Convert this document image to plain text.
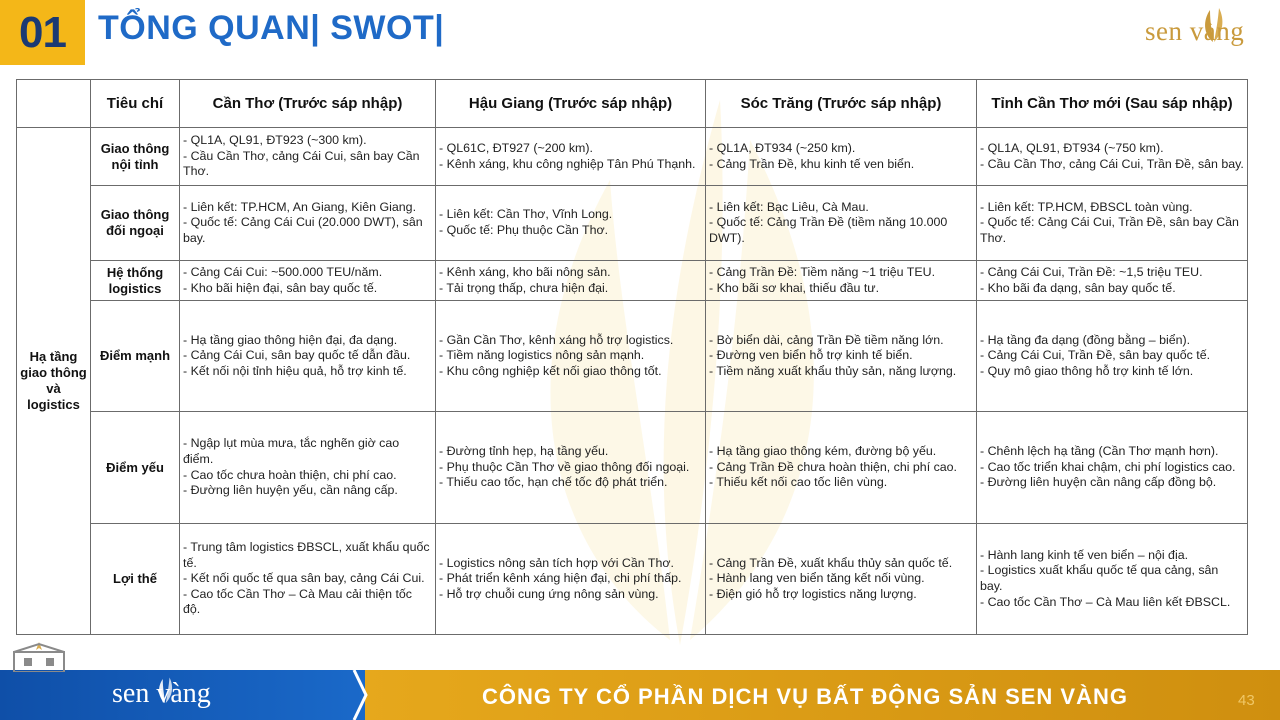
01 TỔNG QUAN| SWOT|	sen vàng
	Tiêu chí	Cần Thơ (Trước sáp nhập)	Hậu Giang (Trước sáp nhập)	Sóc Trăng (Trước sáp nhập)	Tỉnh Cần Thơ mới (Sau sáp nhập)
Hạ tầng giao thông và logistics	Giao thông nội tỉnh	- QL1A, QL91, ĐT923 (~300 km).
- Cầu Cần Thơ, cảng Cái Cui, sân bay Cần Thơ.	- QL61C, ĐT927 (~200 km).
- Kênh xáng, khu công nghiệp Tân Phú Thạnh.	- QL1A, ĐT934 (~250 km).
- Cảng Trần Đề, khu kinh tế ven biển.	- QL1A, QL91, ĐT934 (~750 km).
- Cầu Cần Thơ, cảng Cái Cui, Trần Đề, sân bay.

	Giao thông đối ngoại	- Liên kết: TP.HCM, An Giang, Kiên Giang.
- Quốc tế: Cảng Cái Cui (20.000 DWT), sân bay.	- Liên kết: Cần Thơ, Vĩnh Long.
- Quốc tế: Phụ thuộc Cần Thơ.	- Liên kết: Bạc Liêu, Cà Mau.
- Quốc tế: Cảng Trần Đề (tiềm năng 10.000 DWT).	- Liên kết: TP.HCM, ĐBSCL toàn vùng.
- Quốc tế: Cảng Cái Cui, Trần Đề, sân bay Cần Thơ.

	Hệ thống logistics	- Cảng Cái Cui: ~500.000 TEU/năm.
- Kho bãi hiện đại, sân bay quốc tế.	- Kênh xáng, kho bãi nông sản.
- Tải trọng thấp, chưa hiện đại.	- Cảng Trần Đề: Tiềm năng ~1 triệu TEU.
- Kho bãi sơ khai, thiếu đầu tư.	- Cảng Cái Cui, Trần Đề: ~1,5 triệu TEU.
- Kho bãi đa dạng, sân bay quốc tế.

	Điểm mạnh	- Hạ tầng giao thông hiện đại, đa dạng.
- Cảng Cái Cui, sân bay quốc tế dẫn đầu.
- Kết nối nội tỉnh hiệu quả, hỗ trợ kinh tế.	- Gần Cần Thơ, kênh xáng hỗ trợ logistics.
- Tiềm năng logistics nông sản mạnh.
- Khu công nghiệp kết nối giao thông tốt.	- Bờ biển dài, cảng Trần Đề tiềm năng lớn.
- Đường ven biển hỗ trợ kinh tế biển.
- Tiềm năng xuất khẩu thủy sản, năng lượng.	- Hạ tầng đa dạng (đồng bằng – biển).
- Cảng Cái Cui, Trần Đề, sân bay quốc tế.
- Quy mô giao thông hỗ trợ kinh tế lớn.

	Điểm yếu	- Ngập lụt mùa mưa, tắc nghẽn giờ cao điểm.
- Cao tốc chưa hoàn thiện, chi phí cao.
- Đường liên huyện yếu, cần nâng cấp.	- Đường tỉnh hẹp, hạ tầng yếu.
- Phụ thuộc Cần Thơ về giao thông đối ngoại.
- Thiếu cao tốc, hạn chế tốc độ phát triển.	- Hạ tầng giao thông kém, đường bộ yếu.
- Cảng Trần Đề chưa hoàn thiện, chi phí cao.
- Thiếu kết nối cao tốc liên vùng.	- Chênh lệch hạ tầng (Cần Thơ mạnh hơn).
- Cao tốc triển khai chậm, chi phí logistics cao.
- Đường liên huyện cần nâng cấp đồng bộ.

	Lợi thế	- Trung tâm logistics ĐBSCL, xuất khẩu quốc tế.
- Kết nối quốc tế qua sân bay, cảng Cái Cui.
- Cao tốc Cần Thơ – Cà Mau cải thiện tốc độ.	- Logistics nông sản tích hợp với Cần Thơ.
- Phát triển kênh xáng hiện đại, chi phí thấp.
- Hỗ trợ chuỗi cung ứng nông sản vùng.	- Cảng Trần Đề, xuất khẩu thủy sản quốc tế.
- Hành lang ven biển tăng kết nối vùng.
- Điện gió hỗ trợ logistics năng lượng.	- Hành lang kinh tế ven biển – nội địa.
- Logistics xuất khẩu quốc tế qua cảng, sân bay.
- Cao tốc Cần Thơ – Cà Mau liên kết ĐBSCL.
sen vàng	CÔNG TY CỔ PHẦN DỊCH VỤ BẤT ĐỘNG SẢN SEN VÀNG	43
